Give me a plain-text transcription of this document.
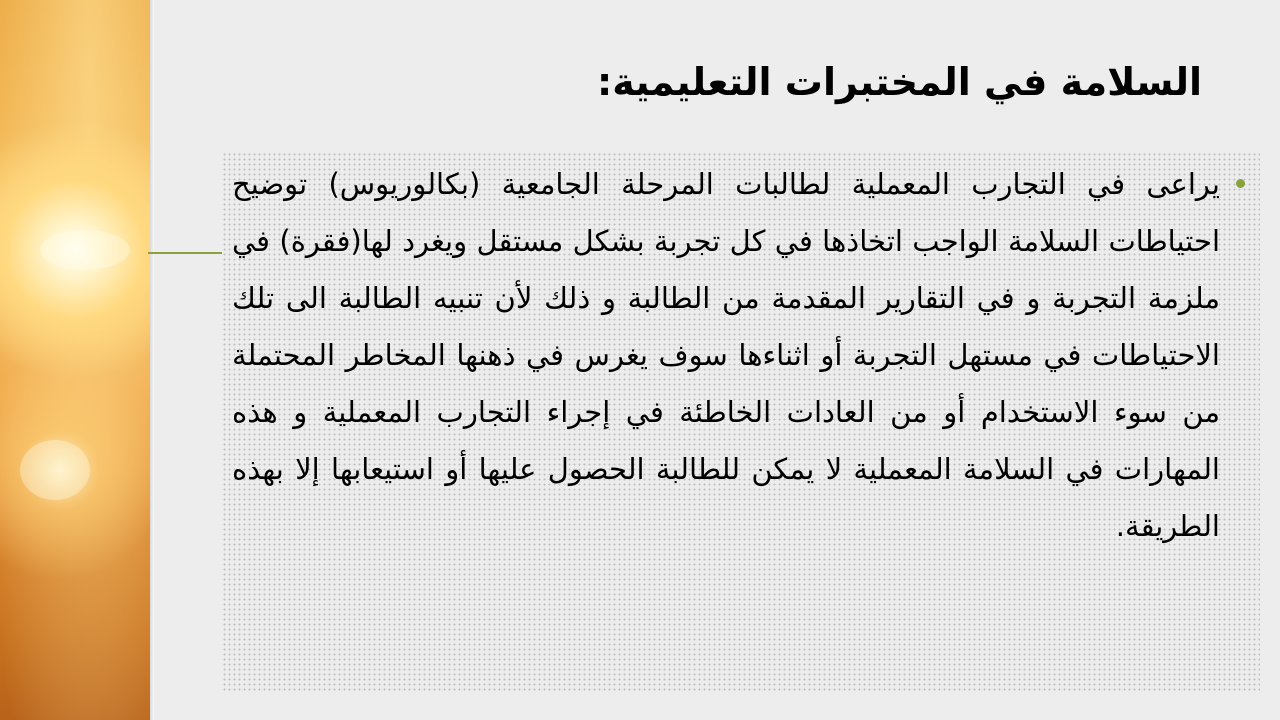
السلامة في المختبرات التعليمية:

يراعى في التجارب المعملية لطالبات المرحلة الجامعية (بكالوريوس) توضيح احتياطات السلامة الواجب اتخاذها في كل تجربة بشكل مستقل ويغرد لها(فقرة) في ملزمة التجربة و في التقارير المقدمة من الطالبة و ذلك لأن تنبيه الطالبة الى تلك الاحتياطات في مستهل التجربة أو اثناءها سوف يغرس في ذهنها المخاطر المحتملة من سوء الاستخدام أو من العادات الخاطئة في إجراء التجارب المعملية و هذه المهارات في السلامة المعملية لا يمكن للطالبة الحصول عليها أو استيعابها إلا بهذه الطريقة.
